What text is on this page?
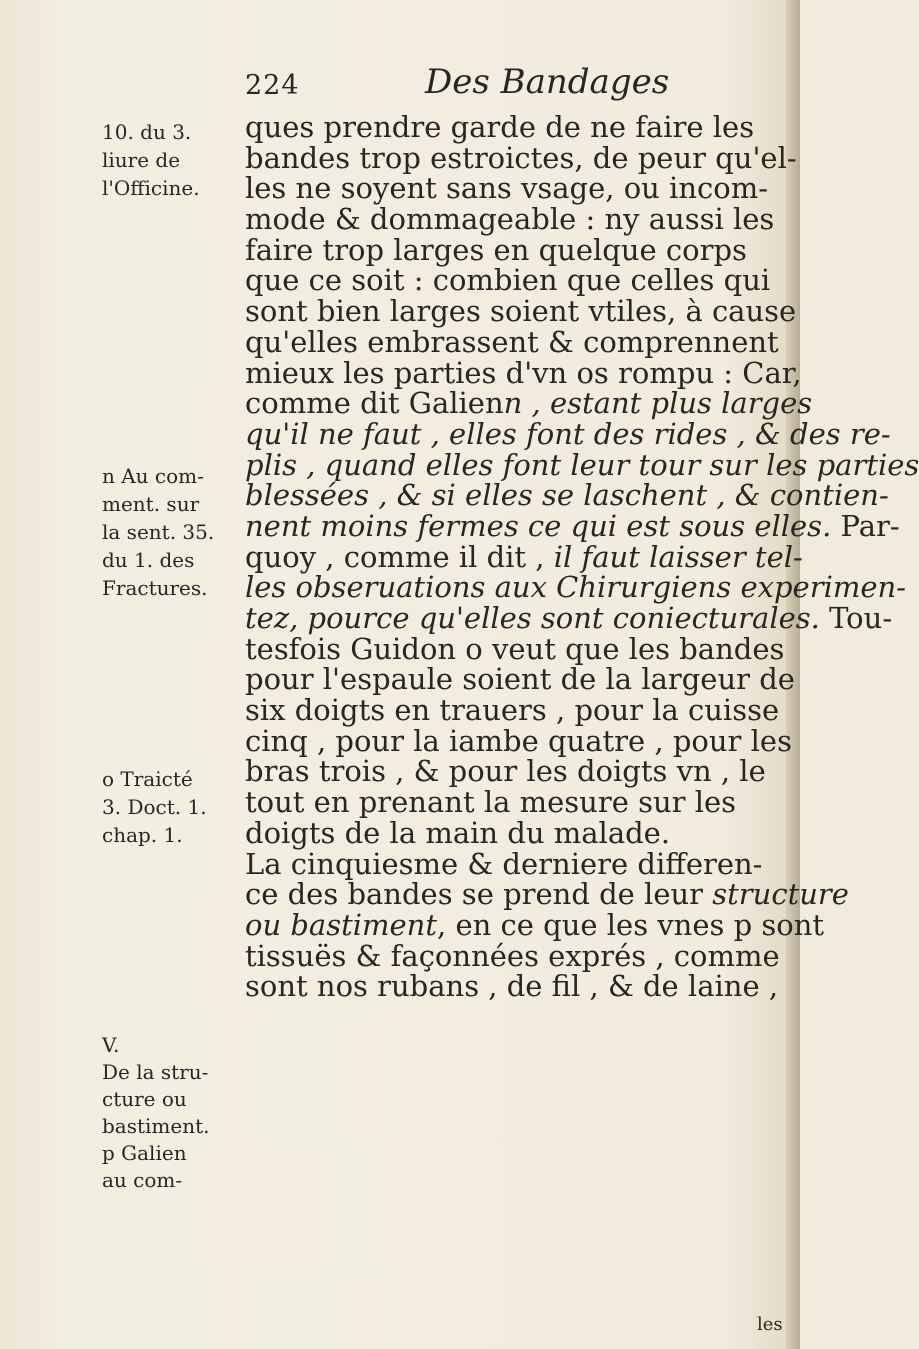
224	Des Bandages
10. du 3.
liure de
l'Officine.
n Au com-
ment. sur
la sent. 35.
du 1. des
Fractures.
o Traicté
3. Doct. 1.
chap. 1.
V.
De la stru-
cture ou
bastiment.
p Galien
au com-
ques prendre garde de ne faire les
bandes trop estroictes, de peur qu'el-
les ne soyent sans vsage, ou incom-
mode & dommageable : ny aussi les
faire trop larges en quelque corps
que ce soit : combien que celles qui
sont bien larges soient vtiles, à cause
qu'elles embrassent & comprennent
mieux les parties d'vn os rompu : Car,
comme dit Galienn , estant plus larges
qu'il ne faut , elles font des rides , & des re-
plis , quand elles font leur tour sur les parties
blessées , & si elles se laschent , & contien-
nent moins fermes ce qui est sous elles. Par-
quoy , comme il dit , il faut laisser tel-
les obseruations aux Chirurgiens experimen-
tez, pource qu'elles sont coniecturales. Tou-
tesfois Guidon o veut que les bandes
pour l'espaule soient de la largeur de
six doigts en trauers , pour la cuisse
cinq , pour la iambe quatre , pour les
bras trois , & pour les doigts vn , le
tout en prenant la mesure sur les
doigts de la main du malade.
La cinquiesme & derniere differen-
ce des bandes se prend de leur structure
ou bastiment, en ce que les vnes p sont
tissuës & façonnées exprés , comme
sont nos rubans , de fil , & de laine ,
les
